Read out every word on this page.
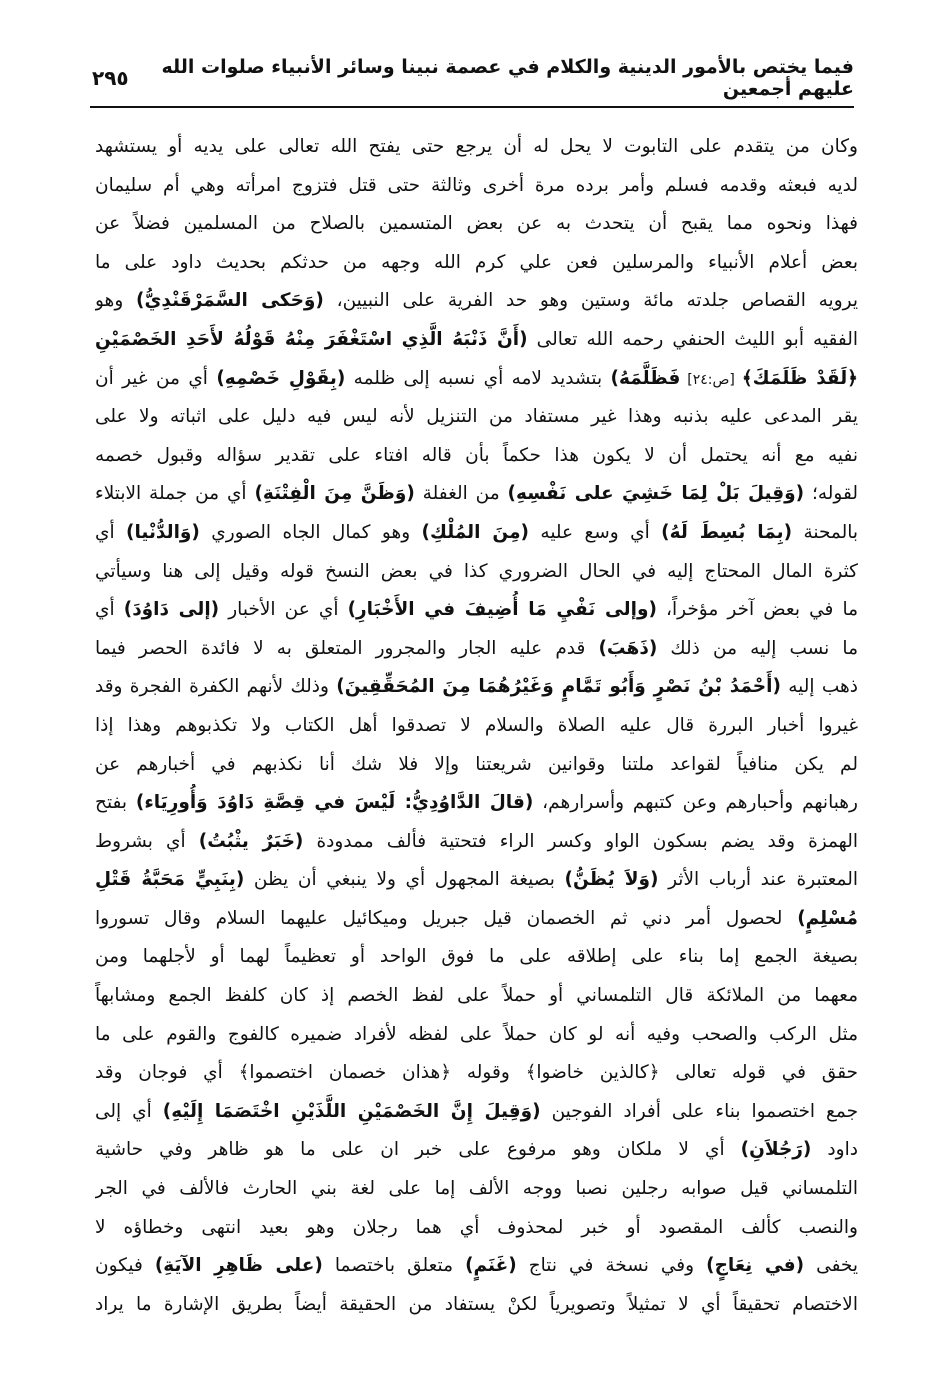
فيما يختص بالأمور الدينية والكلام في عصمة نبينا وسائر الأنبياء صلوات الله عليهم أجمعين
٢٩٥
وكان من يتقدم على التابوت لا يحل له أن يرجع حتى يفتح الله تعالى على يديه أو يستشهد
لديه فبعثه وقدمه فسلم وأمر برده مرة أخرى وثالثة حتى قتل فتزوج امرأته وهي أم سليمان
فهذا ونحوه مما يقبح أن يتحدث به عن بعض المتسمين بالصلاح من المسلمين فضلاً عن
بعض أعلام الأنبياء والمرسلين فعن علي كرم الله وجهه من حدثكم بحديث داود على ما
يرويه القصاص جلدته مائة وستين وهو حد الفرية على النبيين، (وَحَكى السَّمَرْقَنْدِيُّ) وهو
الفقيه أبو الليث الحنفي رحمه الله تعالى (أَنَّ ذَنْبَهُ الَّذِي اسْتَغْفَرَ مِنْهُ قَوْلُهُ لأَحَدِ الخَصْمَيْنِ
﴿لَقَدْ ظَلَمَكَ﴾ [ص:٢٤] فَظَلَّمَهُ) بتشديد لامه أي نسبه إلى ظلمه (بِقَوْلِ خَصْمِهِ) أي من غير أن
يقر المدعى عليه بذنبه وهذا غير مستفاد من التنزيل لأنه ليس فيه دليل على اثباته ولا على
نفيه مع أنه يحتمل أن لا يكون هذا حكماً بأن قاله افتاء على تقدير سؤاله وقبول خصمه
لقوله؛ (وَقِيلَ بَلْ لِمَا خَشِيَ على نَفْسِهِ) من الغفلة (وَظَنَّ مِنَ الْفِتْنَةِ) أي من جملة الابتلاء
بالمحنة (بِمَا بُسِطَ لَهُ) أي وسع عليه (مِنَ المُلْكِ) وهو كمال الجاه الصوري (وَالدُّنْيا) أي
كثرة المال المحتاج إليه في الحال الضروري كذا في بعض النسخ قوله وقيل إلى هنا وسيأتي
ما في بعض آخر مؤخراً، (وإلى نَفْيِ مَا أُضِيفَ في الأَخْبَارِ) أي عن الأخبار (إلى دَاوُدَ) أي
ما نسب إليه من ذلك (ذَهَبَ) قدم عليه الجار والمجرور المتعلق به لا فائدة الحصر فيما
ذهب إليه (أَحْمَدُ بْنُ نَصْرٍ وَأَبُو تَمَّامٍ وَغَيْرُهُمَا مِنَ المُحَقِّقِينَ) وذلك لأنهم الكفرة الفجرة وقد
غيروا أخبار البررة قال عليه الصلاة والسلام لا تصدقوا أهل الكتاب ولا تكذبوهم وهذا إذا
لم يكن منافياً لقواعد ملتنا وقوانين شريعتنا وإلا فلا شك أنا نكذبهم في أخبارهم عن
رهبانهم وأحبارهم وعن كتبهم وأسرارهم، (قالَ الدَّاوُدِيُّ: لَيْسَ في قِصَّةِ دَاوُدَ وَأُورِيَاء) بفتح
الهمزة وقد يضم بسكون الواو وكسر الراء فتحتية فألف ممدودة (خَبَرٌ يثْبُتُ) أي بشروط
المعتبرة عند أرباب الأثر (وَلاَ يُظَنُّ) بصيغة المجهول أي ولا ينبغي أن يظن (بِنَبِيٍّ مَحَبَّةُ قَتْلِ
مُسْلِمٍ) لحصول أمر دني ثم الخصمان قيل جبريل وميكائيل عليهما السلام وقال تسوروا
بصيغة الجمع إما بناء على إطلاقه على ما فوق الواحد أو تعظيماً لهما أو لأجلهما ومن
معهما من الملائكة قال التلمساني أو حملاً على لفظ الخصم إذ كان كلفظ الجمع ومشابهاً
مثل الركب والصحب وفيه أنه لو كان حملاً على لفظه لأفراد ضميره كالفوج والقوم على ما
حقق في قوله تعالى ﴿كالذين خاضوا﴾ وقوله ﴿هذان خصمان اختصموا﴾ أي فوجان وقد
جمع اختصموا بناء على أفراد الفوجين (وَقِيلَ إِنَّ الخَصْمَيْنِ اللَّذَيْنِ اخْتَصَمَا إِلَيْهِ) أي إلى
داود (رَجُلاَنِ) أي لا ملكان وهو مرفوع على خبر ان على ما هو ظاهر وفي حاشية
التلمساني قيل صوابه رجلين نصبا ووجه الألف إما على لغة بني الحارث فالألف في الجر
والنصب كألف المقصود أو خبر لمحذوف أي هما رجلان وهو بعيد انتهى وخطاؤه لا
يخفى (في نِعَاجٍ) وفي نسخة في نتاج (غَنَمٍ) متعلق باختصما (على ظَاهِرِ الآيَةِ) فيكون
الاختصام تحقيقاً أي لا تمثيلاً وتصويرياً لكنْ يستفاد من الحقيقة أيضاً بطريق الإشارة ما يراد
